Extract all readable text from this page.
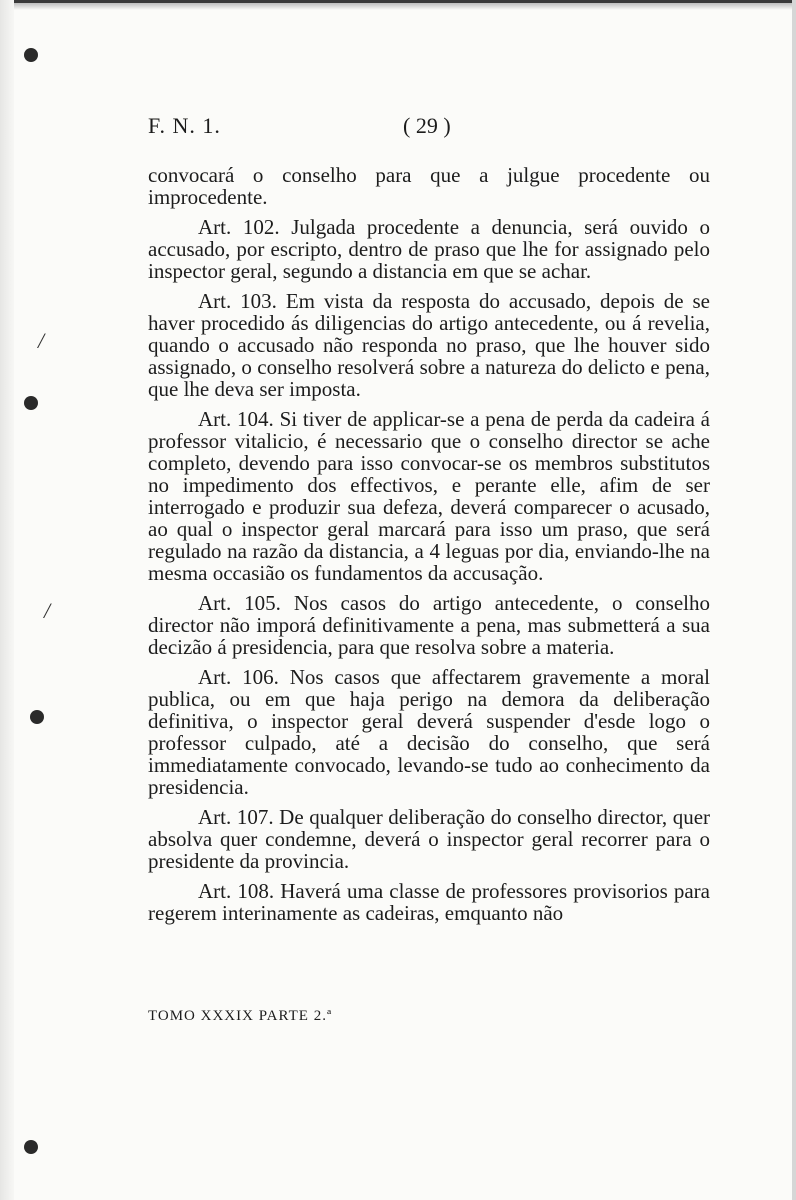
/
/
F. N. 1.	( 29 )

convocará o conselho para que a julgue procedente ou improcedente.

Art. 102. Julgada procedente a denuncia, será ouvido o accusado, por escripto, dentro de praso que lhe for assignado pelo inspector geral, segundo a distancia em que se achar.

Art. 103. Em vista da resposta do accusado, depois de se haver procedido ás diligencias do artigo antecedente, ou á revelia, quando o accusado não responda no praso, que lhe houver sido assignado, o conselho resolverá sobre a natureza do delicto e pena, que lhe deva ser imposta.

Art. 104. Si tiver de applicar-se a pena de perda da cadeira á professor vitalicio, é necessario que o conselho director se ache completo, devendo para isso convocar-se os membros substitutos no impedimento dos effectivos, e perante elle, afim de ser interrogado e produzir sua defeza, deverá comparecer o acusado, ao qual o inspector geral marcará para isso um praso, que será regulado na razão da distancia, a 4 leguas por dia, enviando-lhe na mesma occasião os fundamentos da accusação.

Art. 105. Nos casos do artigo antecedente, o conselho director não imporá definitivamente a pena, mas submetterá a sua decizão á presidencia, para que resolva sobre a materia.

Art. 106. Nos casos que affectarem gravemente a moral publica, ou em que haja perigo na demora da deliberação definitiva, o inspector geral deverá suspender d'esde logo o professor culpado, até a decisão do conselho, que será immediatamente convocado, levando-se tudo ao conhecimento da presidencia.

Art. 107. De qualquer deliberação do conselho director, quer absolva quer condemne, deverá o inspector geral recorrer para o presidente da provincia.

Art. 108. Haverá uma classe de professores provisorios para regerem interinamente as cadeiras, emquanto não

TOMO XXXIX PARTE 2.ª
